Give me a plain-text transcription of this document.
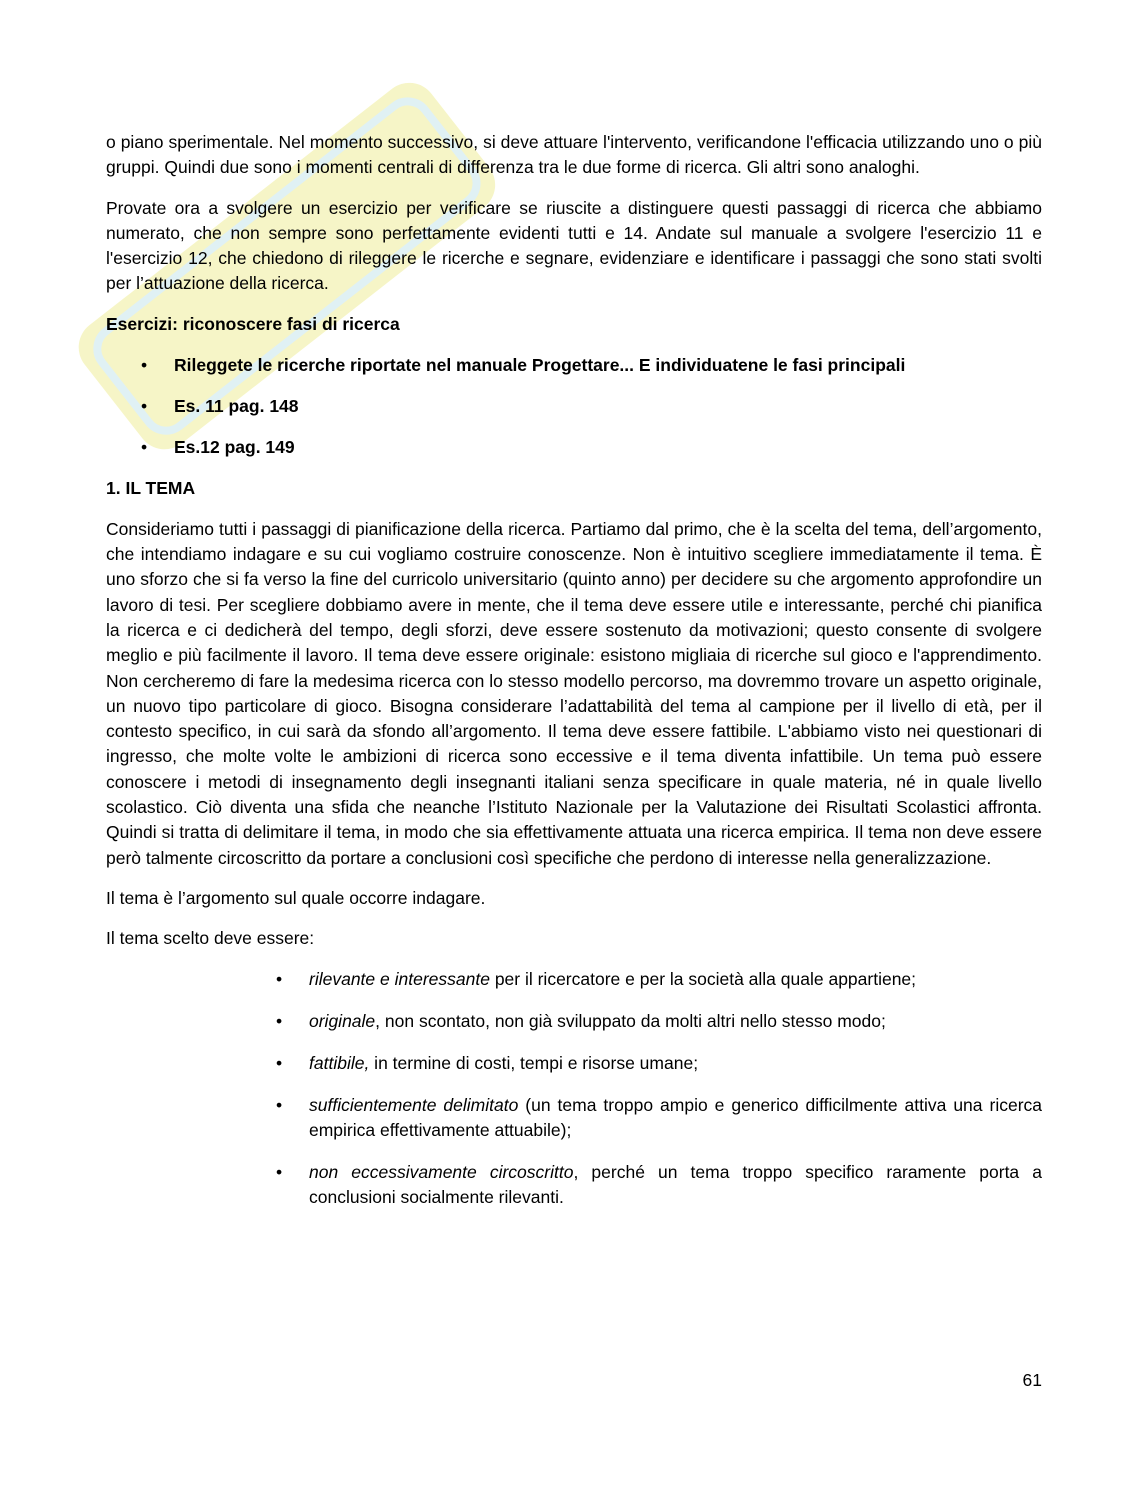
o piano sperimentale. Nel momento successivo, si deve attuare l'intervento, verificandone l'efficacia utilizzando uno o più gruppi. Quindi due sono i momenti centrali di differenza tra le due forme di ricerca. Gli altri sono analoghi.

Provate ora a svolgere un esercizio per verificare se riuscite a distinguere questi passaggi di ricerca che abbiamo numerato, che non sempre sono perfettamente evidenti tutti e 14. Andate sul manuale a svolgere l'esercizio 11 e l'esercizio 12, che chiedono di rileggere le ricerche e segnare, evidenziare e identificare i passaggi che sono stati svolti per l’attuazione della ricerca.

Esercizi: riconoscere fasi di ricerca
• Rileggete le ricerche riportate nel manuale Progettare... E individuatene le fasi principali
• Es. 11 pag. 148
• Es.12 pag. 149
1. IL TEMA

Consideriamo tutti i passaggi di pianificazione della ricerca. Partiamo dal primo, che è la scelta del tema, dell’argomento, che intendiamo indagare e su cui vogliamo costruire conoscenze. Non è intuitivo scegliere immediatamente il tema. È uno sforzo che si fa verso la fine del curricolo universitario (quinto anno) per decidere su che argomento approfondire un lavoro di tesi. Per scegliere dobbiamo avere in mente, che il tema deve essere utile e interessante, perché chi pianifica la ricerca e ci dedicherà del tempo, degli sforzi, deve essere sostenuto da motivazioni; questo consente di svolgere meglio e più facilmente il lavoro. Il tema deve essere originale: esistono migliaia di ricerche sul gioco e l'apprendimento. Non cercheremo di fare la medesima ricerca con lo stesso modello percorso, ma dovremmo trovare un aspetto originale, un nuovo tipo particolare di gioco. Bisogna considerare l’adattabilità del tema al campione per il livello di età, per il contesto specifico, in cui sarà da sfondo all’argomento. Il tema deve essere fattibile. L'abbiamo visto nei questionari di ingresso, che molte volte le ambizioni di ricerca sono eccessive e il tema diventa infattibile. Un tema può essere conoscere i metodi di insegnamento degli insegnanti italiani senza specificare in quale materia, né in quale livello scolastico. Ciò diventa una sfida che neanche l’Istituto Nazionale per la Valutazione dei Risultati Scolastici affronta. Quindi si tratta di delimitare il tema, in modo che sia effettivamente attuata una ricerca empirica. Il tema non deve essere però talmente circoscritto da portare a conclusioni così specifiche che perdono di interesse nella generalizzazione.

Il tema è l’argomento sul quale occorre indagare.

Il tema scelto deve essere:

• rilevante e interessante per il ricercatore e per la società alla quale appartiene;
• originale, non scontato, non già sviluppato da molti altri nello stesso modo;
• fattibile, in termine di costi, tempi e risorse umane;
• sufficientemente delimitato (un tema troppo ampio e generico difficilmente attiva una ricerca empirica effettivamente attuabile);
• non eccessivamente circoscritto, perché un tema troppo specifico raramente porta a conclusioni socialmente rilevanti.
61
